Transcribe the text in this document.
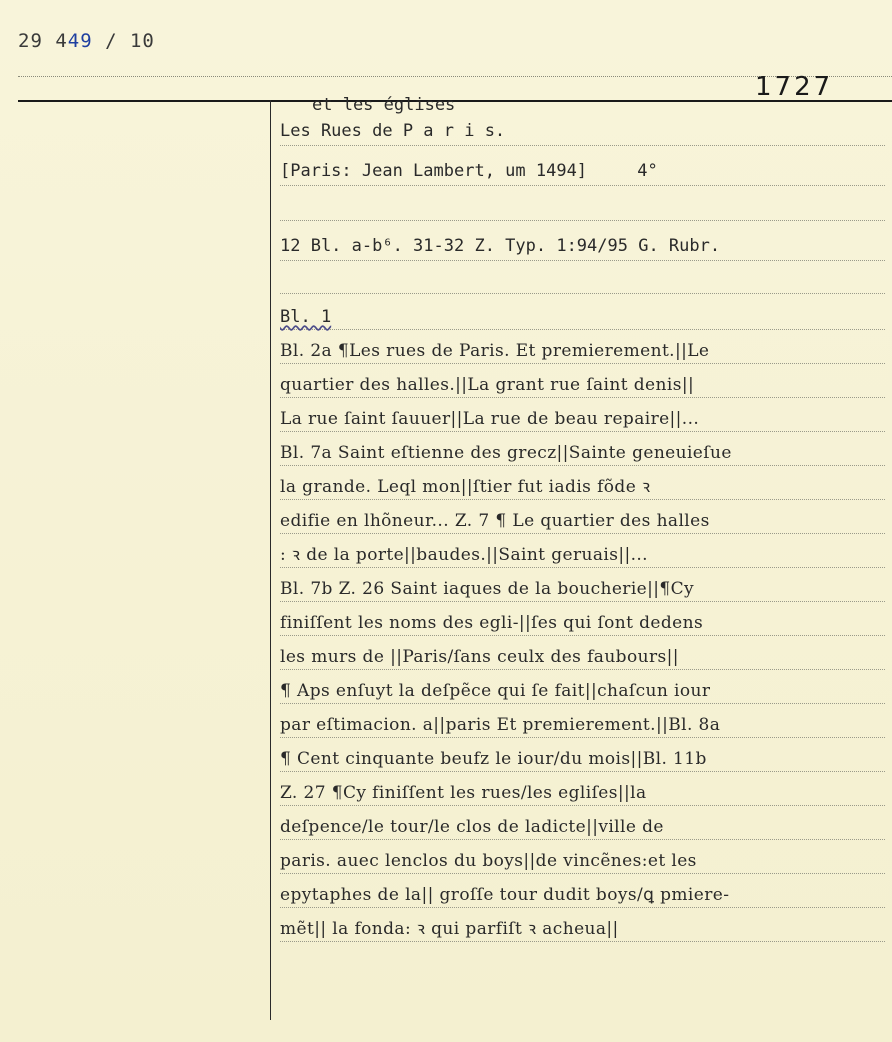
29 449 / 10
1727
et les églises
Les Rues de P a r i s.
[Paris: Jean Lambert, um 1494]	4°
12 Bl. a-b⁶. 31-32 Z. Typ. 1:94/95 G. Rubr.
Bl. 1
Bl. 2a ¶Les rues de Paris. Et premierement.||Le
quartier des halles.||La grant rue ſaint denis||
La rue ſaint ſauuer||La rue de beau repaire||...
Bl. 7a Saint eſtienne des grecz||Sainte geneuieſue
la grande. Leql mon||ſtier fut iadis fõde ꝛ
edifie en lhõneur... Z. 7 ¶ Le quartier des halles
: ꝛ de la porte||baudes.||Saint geruais||...
Bl. 7b Z. 26 Saint iaques de la boucherie||¶Cy
finiſſent les noms des egli-||ſes qui ſont dedens
les murs de ||Paris/ſans ceulx des faubours||
¶ Aps enſuyt la deſpẽce qui ſe fait||chaſcun iour
par eſtimacion. a||paris Et premierement.||Bl. 8a
¶ Cent cinquante beufz le iour/du mois||Bl. 11b
Z. 27 ¶Cy finiſſent les rues/les egliſes||la
deſpence/le tour/le clos de ladicte||ville de
paris. auec lenclos du boys||de vincẽnes:et les
epytaphes de la|| groſſe tour dudit boys/ꝗ pmiere-
mẽt|| la fonda: ꝛ qui parfiſt ꝛ acheua||
